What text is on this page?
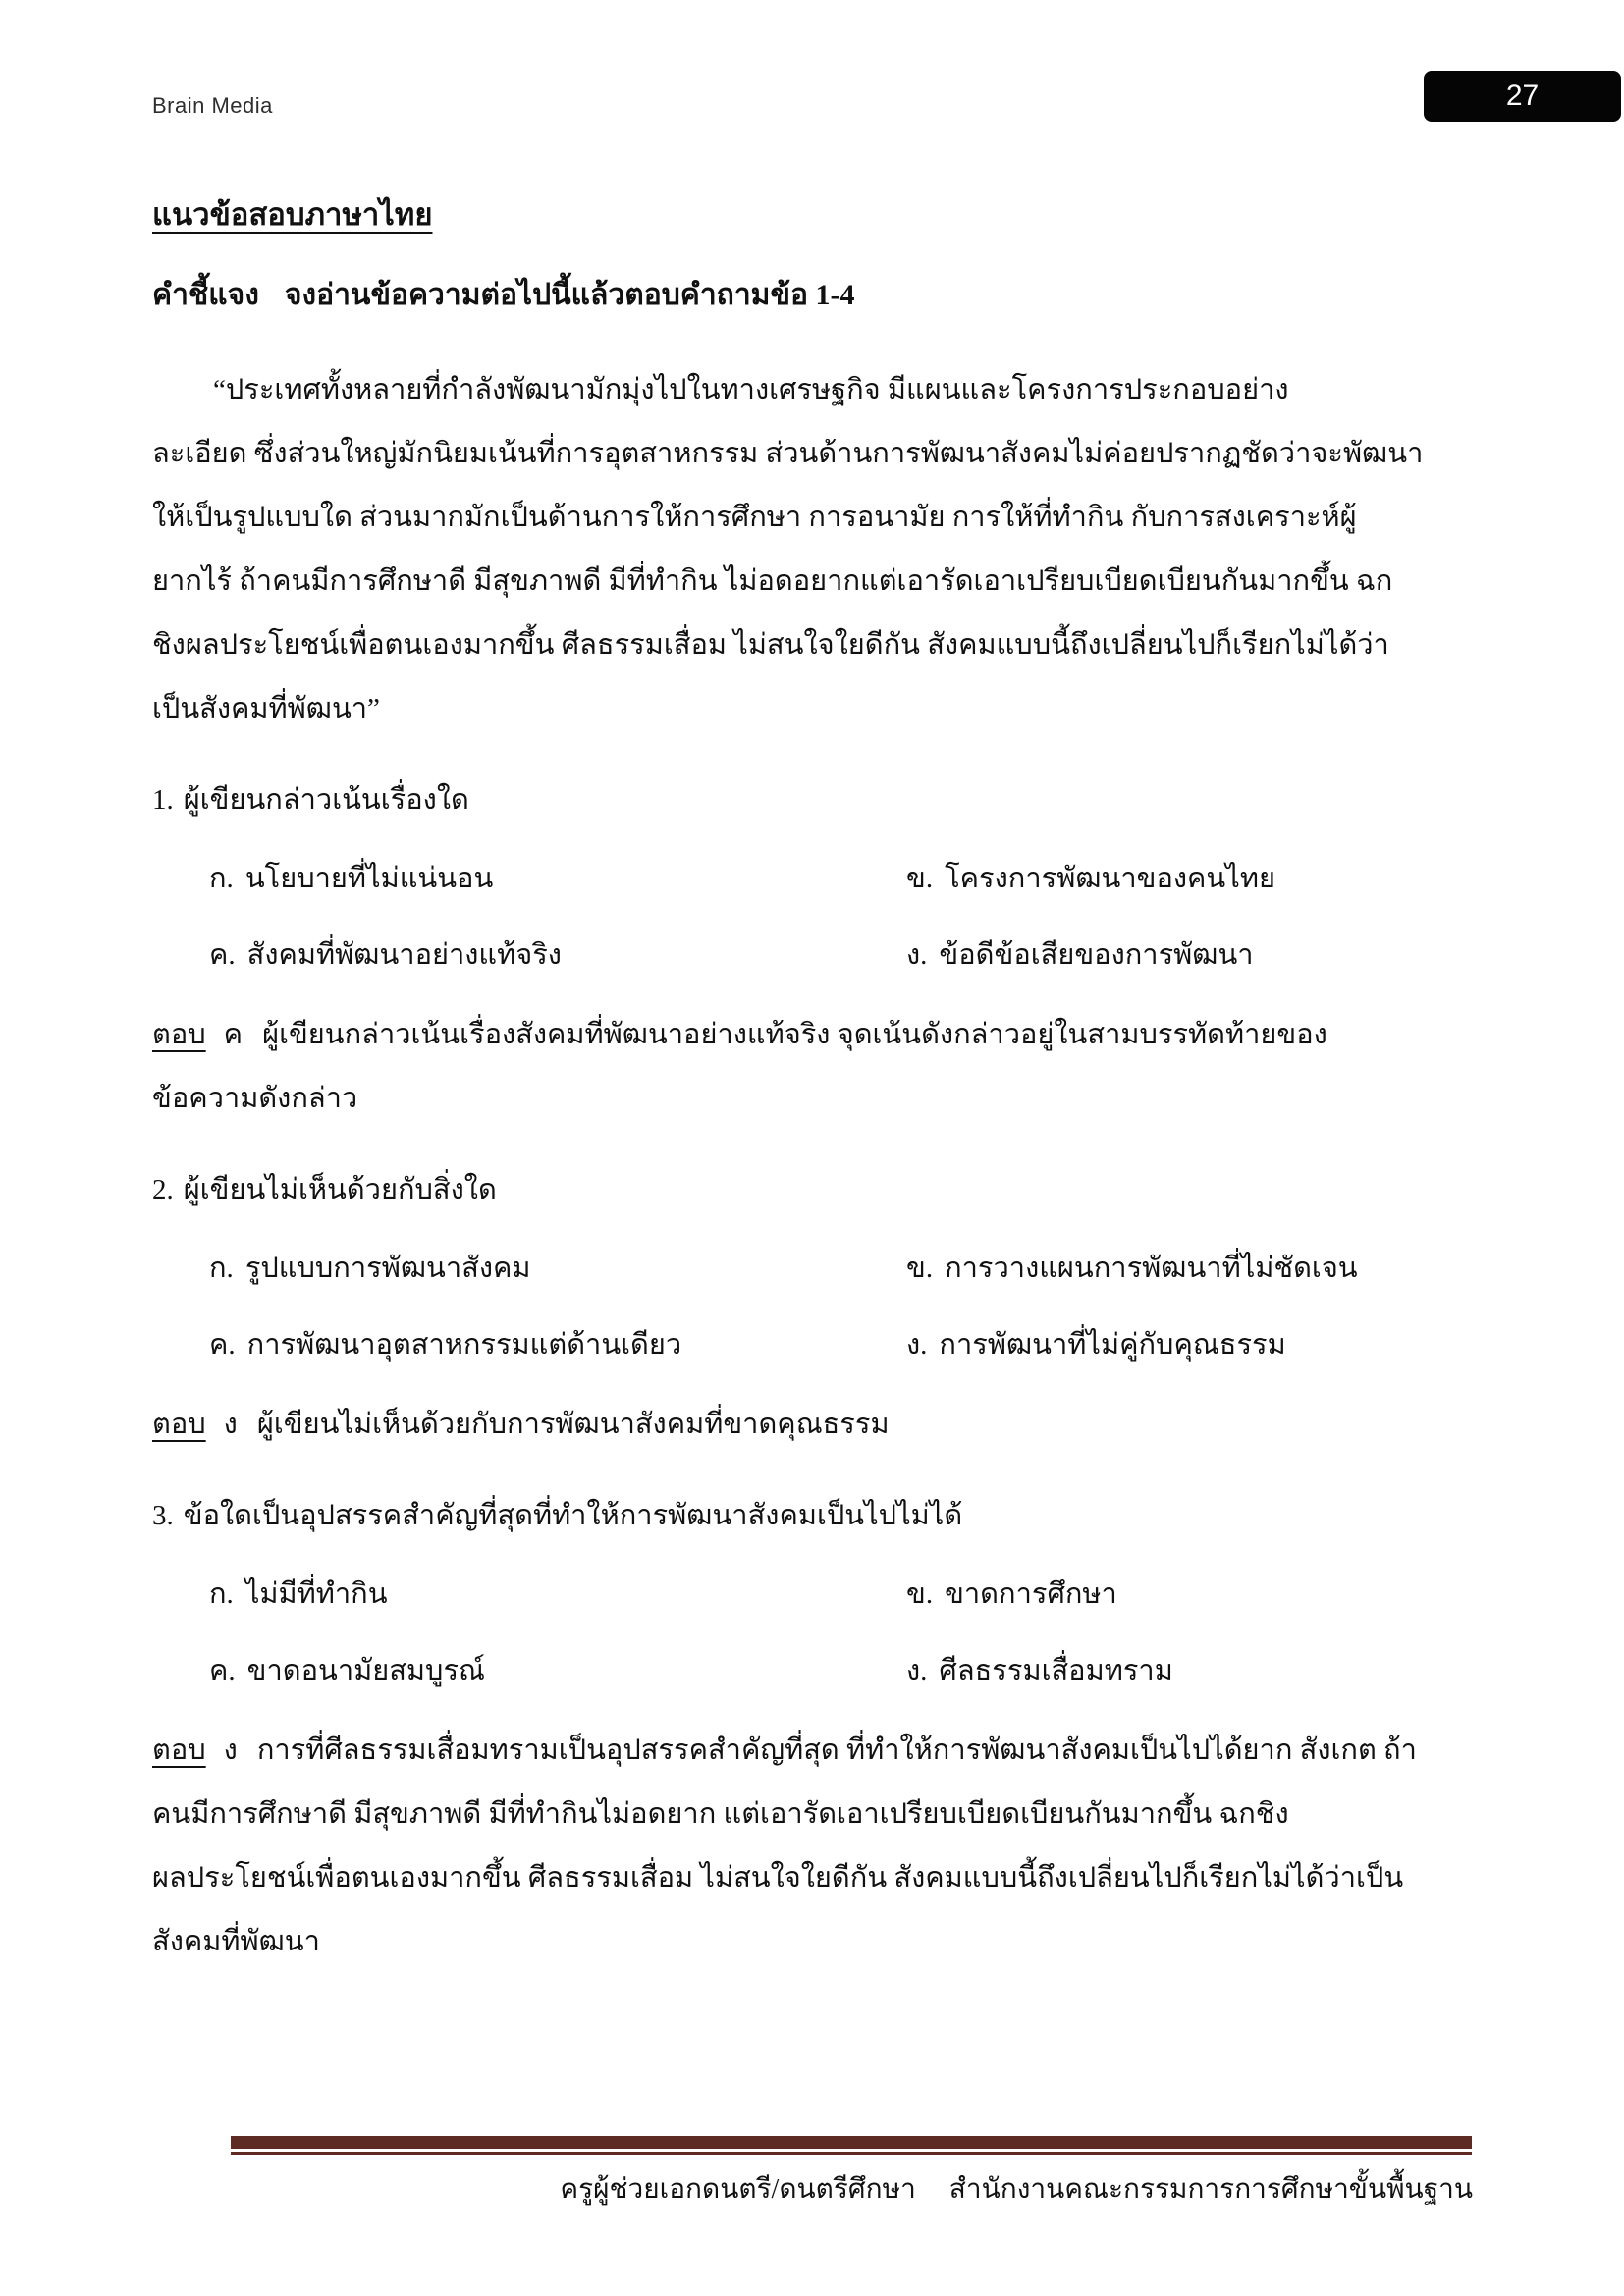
Brain Media	27
แนวข้อสอบภาษาไทย
คำชี้แจง จงอ่านข้อความต่อไปนี้แล้วตอบคำถามข้อ 1-4
“ประเทศทั้งหลายที่กำลังพัฒนามักมุ่งไปในทางเศรษฐกิจ มีแผนและโครงการประกอบอย่าง
ละเอียด ซึ่งส่วนใหญ่มักนิยมเน้นที่การอุตสาหกรรม ส่วนด้านการพัฒนาสังคมไม่ค่อยปรากฏชัดว่าจะพัฒนา
ให้เป็นรูปแบบใด ส่วนมากมักเป็นด้านการให้การศึกษา การอนามัย การให้ที่ทำกิน กับการสงเคราะห์ผู้
ยากไร้ ถ้าคนมีการศึกษาดี มีสุขภาพดี มีที่ทำกิน ไม่อดอยากแต่เอารัดเอาเปรียบเบียดเบียนกันมากขึ้น ฉก
ชิงผลประโยชน์เพื่อตนเองมากขึ้น ศีลธรรมเสื่อม ไม่สนใจใยดีกัน สังคมแบบนี้ถึงเปลี่ยนไปก็เรียกไม่ได้ว่า
เป็นสังคมที่พัฒนา”
1. ผู้เขียนกล่าวเน้นเรื่องใด
ก. นโยบายที่ไม่แน่นอน	ข. โครงการพัฒนาของคนไทย
ค. สังคมที่พัฒนาอย่างแท้จริง	ง. ข้อดีข้อเสียของการพัฒนา
ตอบ ค ผู้เขียนกล่าวเน้นเรื่องสังคมที่พัฒนาอย่างแท้จริง จุดเน้นดังกล่าวอยู่ในสามบรรทัดท้ายของ
ข้อความดังกล่าว
2. ผู้เขียนไม่เห็นด้วยกับสิ่งใด
ก. รูปแบบการพัฒนาสังคม	ข. การวางแผนการพัฒนาที่ไม่ชัดเจน
ค. การพัฒนาอุตสาหกรรมแต่ด้านเดียว	ง. การพัฒนาที่ไม่คู่กับคุณธรรม
ตอบ ง ผู้เขียนไม่เห็นด้วยกับการพัฒนาสังคมที่ขาดคุณธรรม
3. ข้อใดเป็นอุปสรรคสำคัญที่สุดที่ทำให้การพัฒนาสังคมเป็นไปไม่ได้
ก. ไม่มีที่ทำกิน	ข. ขาดการศึกษา
ค. ขาดอนามัยสมบูรณ์	ง. ศีลธรรมเสื่อมทราม
ตอบ ง การที่ศีลธรรมเสื่อมทรามเป็นอุปสรรคสำคัญที่สุด ที่ทำให้การพัฒนาสังคมเป็นไปได้ยาก สังเกต ถ้า
คนมีการศึกษาดี มีสุขภาพดี มีที่ทำกินไม่อดยาก แต่เอารัดเอาเปรียบเบียดเบียนกันมากขึ้น ฉกชิง
ผลประโยชน์เพื่อตนเองมากขึ้น ศีลธรรมเสื่อม ไม่สนใจใยดีกัน สังคมแบบนี้ถึงเปลี่ยนไปก็เรียกไม่ได้ว่าเป็น
สังคมที่พัฒนา
ครูผู้ช่วยเอกดนตรี/ดนตรีศึกษา สำนักงานคณะกรรมการการศึกษาขั้นพื้นฐาน
